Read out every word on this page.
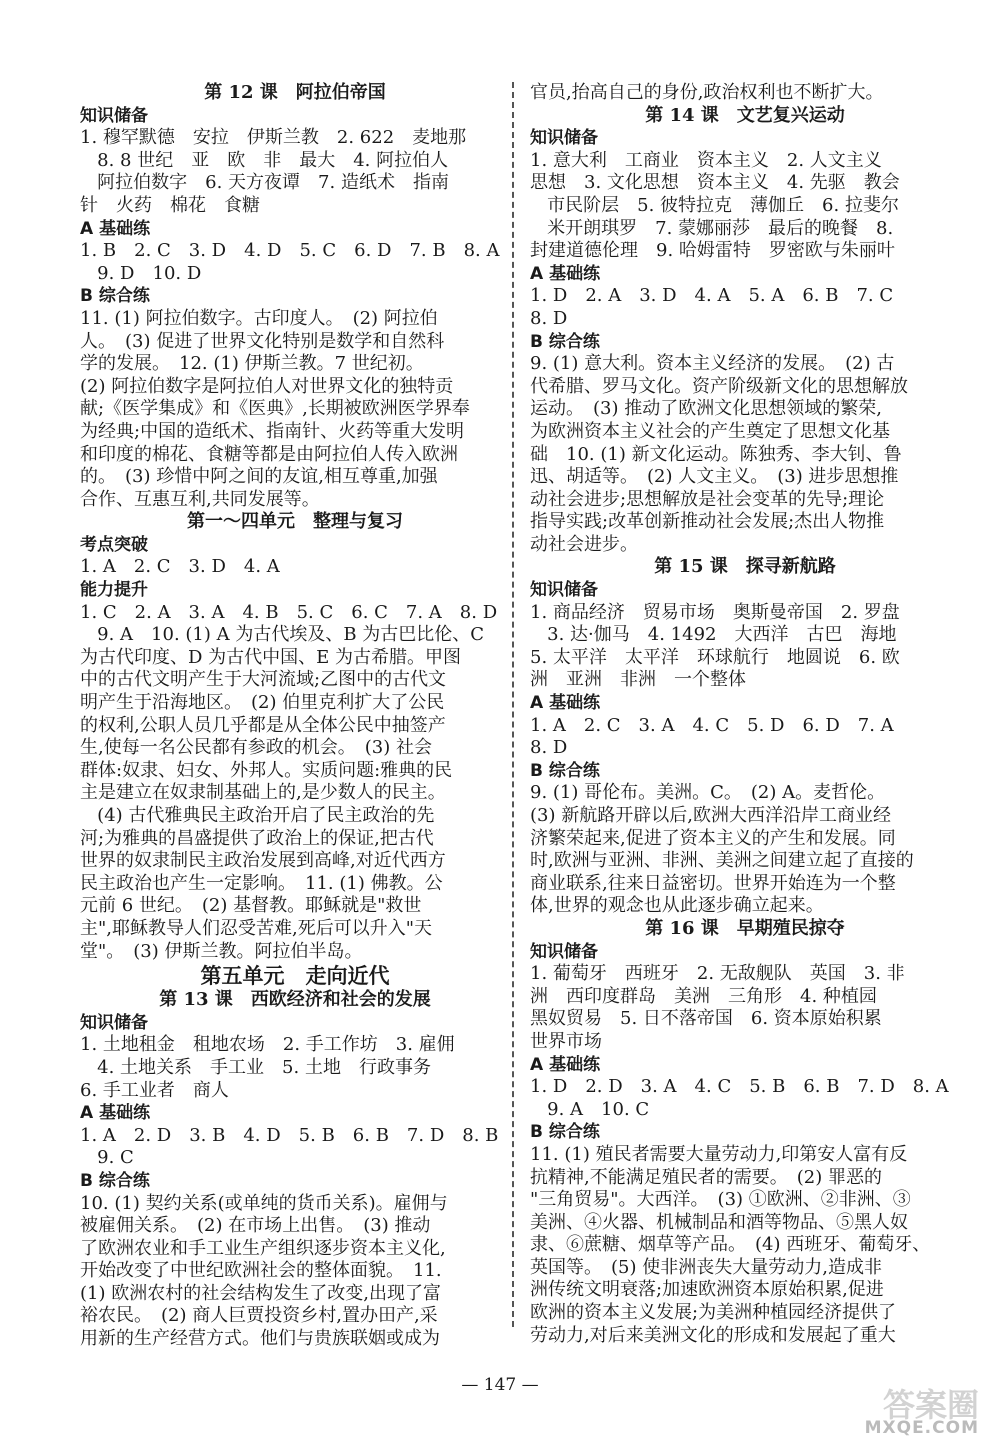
第 12 课　阿拉伯帝国
知识储备
1. 穆罕默德　安拉　伊斯兰教　2. 622　麦地那
8. 8 世纪　亚　欧　非　最大　4. 阿拉伯人
阿拉伯数字　6. 天方夜谭　7. 造纸术　指南
针　火药　棉花　食糖
A 基础练
1. B　2. C　3. D　4. D　5. C　6. D　7. B　8. A
9. D　10. D
B 综合练
11. (1) 阿拉伯数字。古印度人。　(2) 阿拉伯
人。　(3) 促进了世界文化特别是数学和自然科
学的发展。　12. (1) 伊斯兰教。7 世纪初。
(2) 阿拉伯数字是阿拉伯人对世界文化的独特贡
献;《医学集成》和《医典》,长期被欧洲医学界奉
为经典;中国的造纸术、指南针、火药等重大发明
和印度的棉花、食糖等都是由阿拉伯人传入欧洲
的。　(3) 珍惜中阿之间的友谊,相互尊重,加强
合作、互惠互利,共同发展等。
第一～四单元　整理与复习
考点突破
1. A　2. C　3. D　4. A
能力提升
1. C　2. A　3. A　4. B　5. C　6. C　7. A　8. D
9. A　10. (1) A 为古代埃及、B 为古巴比伦、C
为古代印度、D 为古代中国、E 为古希腊。甲图
中的古代文明产生于大河流域;乙图中的古代文
明产生于沿海地区。　(2) 伯里克利扩大了公民
的权利,公职人员几乎都是从全体公民中抽签产
生,使每一名公民都有参政的机会。　(3) 社会
群体:奴隶、妇女、外邦人。实质问题:雅典的民
主是建立在奴隶制基础上的,是少数人的民主。
(4) 古代雅典民主政治开启了民主政治的先
河;为雅典的昌盛提供了政治上的保证,把古代
世界的奴隶制民主政治发展到高峰,对近代西方
民主政治也产生一定影响。　11. (1) 佛教。公
元前 6 世纪。　(2) 基督教。耶稣就是"救世
主",耶稣教导人们忍受苦难,死后可以升入"天
堂"。　(3) 伊斯兰教。阿拉伯半岛。
第五单元　走向近代
第 13 课　西欧经济和社会的发展
知识储备
1. 土地租金　租地农场　2. 手工作坊　3. 雇佣
4. 土地关系　手工业　5. 土地　行政事务
6. 手工业者　商人
A 基础练
1. A　2. D　3. B　4. D　5. B　6. B　7. D　8. B
9. C
B 综合练
10. (1) 契约关系(或单纯的货币关系)。雇佣与
被雇佣关系。　(2) 在市场上出售。　(3) 推动
了欧洲农业和手工业生产组织逐步资本主义化,
开始改变了中世纪欧洲社会的整体面貌。　11.
(1) 欧洲农村的社会结构发生了改变,出现了富
裕农民。　(2) 商人巨贾投资乡村,置办田产,采
用新的生产经营方式。他们与贵族联姻或成为
官员,抬高自己的身份,政治权利也不断扩大。
第 14 课　文艺复兴运动
知识储备
1. 意大利　工商业　资本主义　2. 人文主义
思想　3. 文化思想　资本主义　4. 先驱　教会
市民阶层　5. 彼特拉克　薄伽丘　6. 拉斐尔
米开朗琪罗　7. 蒙娜丽莎　最后的晚餐　8.
封建道德伦理　9. 哈姆雷特　罗密欧与朱丽叶
A 基础练
1. D　2. A　3. D　4. A　5. A　6. B　7. C
8. D
B 综合练
9. (1) 意大利。资本主义经济的发展。　(2) 古
代希腊、罗马文化。资产阶级新文化的思想解放
运动。　(3) 推动了欧洲文化思想领域的繁荣,
为欧洲资本主义社会的产生奠定了思想文化基
础　10. (1) 新文化运动。陈独秀、李大钊、鲁
迅、胡适等。　(2) 人文主义。　(3) 进步思想推
动社会进步;思想解放是社会变革的先导;理论
指导实践;改革创新推动社会发展;杰出人物推
动社会进步。
第 15 课　探寻新航路
知识储备
1. 商品经济　贸易市场　奥斯曼帝国　2. 罗盘
3. 达·伽马　4. 1492　大西洋　古巴　海地
5. 太平洋　太平洋　环球航行　地圆说　6. 欧
洲　亚洲　非洲　一个整体
A 基础练
1. A　2. C　3. A　4. C　5. D　6. D　7. A
8. D
B 综合练
9. (1) 哥伦布。美洲。C。　(2) A。麦哲伦。
(3) 新航路开辟以后,欧洲大西洋沿岸工商业经
济繁荣起来,促进了资本主义的产生和发展。同
时,欧洲与亚洲、非洲、美洲之间建立起了直接的
商业联系,往来日益密切。世界开始连为一个整
体,世界的观念也从此逐步确立起来。
第 16 课　早期殖民掠夺
知识储备
1. 葡萄牙　西班牙　2. 无敌舰队　英国　3. 非
洲　西印度群岛　美洲　三角形　4. 种植园
黑奴贸易　5. 日不落帝国　6. 资本原始积累
世界市场
A 基础练
1. D　2. D　3. A　4. C　5. B　6. B　7. D　8. A
9. A　10. C
B 综合练
11. (1) 殖民者需要大量劳动力,印第安人富有反
抗精神,不能满足殖民者的需要。　(2) 罪恶的
"三角贸易"。大西洋。　(3) ①欧洲、②非洲、③
美洲、④火器、机械制品和酒等物品、⑤黑人奴
隶、⑥蔗糖、烟草等产品。　(4) 西班牙、葡萄牙、
英国等。　(5) 使非洲丧失大量劳动力,造成非
洲传统文明衰落;加速欧洲资本原始积累,促进
欧洲的资本主义发展;为美洲种植园经济提供了
劳动力,对后来美洲文化的形成和发展起了重大
— 147 —
答案圈
MXQE.COM
